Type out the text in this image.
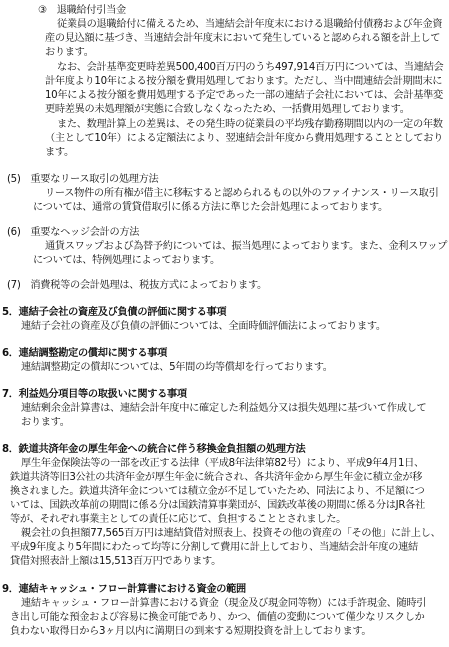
③　退職給付引当金
従業員の退職給付に備えるため、当連結会計年度末における退職給付債務および年金資
産の見込額に基づき、当連結会計年度末において発生していると認められる額を計上して
おります。
なお、会計基準変更時差異500,400百万円のうち497,914百万円については、当連結会
計年度より10年による按分額を費用処理しております。ただし、当中間連結会計期間末に
10年による按分額を費用処理する予定であった一部の連結子会社においては、会計基準変
更時差異の未処理額が実態に合致しなくなったため、一括費用処理しております。
また、数理計算上の差異は、その発生時の従業員の平均残存勤務期間以内の一定の年数
（主として10年）による定額法により、翌連結会計年度から費用処理することとしており
ます。
(5)　重要なリース取引の処理方法
リース物件の所有権が借主に移転すると認められるもの以外のファイナンス・リース取引
については、通常の賃貸借取引に係る方法に準じた会計処理によっております。
(6)　重要なヘッジ会計の方法
通貨スワップおよび為替予約については、振当処理によっております。また、金利スワップ
については、特例処理によっております。
(7)　消費税等の会計処理は、税抜方式によっております。
5．連結子会社の資産及び負債の評価に関する事項
連結子会社の資産及び負債の評価については、全面時価評価法によっております。
6．連結調整勘定の償却に関する事項
連結調整勘定の償却については、5年間の均等償却を行っております。
7．利益処分項目等の取扱いに関する事項
連結剰余金計算書は、連結会計年度中に確定した利益処分又は損失処理に基づいて作成して
おります。
8．鉄道共済年金の厚生年金への統合に伴う移換金負担額の処理方法
厚生年金保険法等の一部を改正する法律（平成8年法律第82号）により、平成9年4月1日、
鉄道共済等旧3公社の共済年金が厚生年金に統合され、各共済年金から厚生年金に積立金が移
換されました。鉄道共済年金については積立金が不足していたため、同法により、不足額につ
いては、国鉄改革前の期間に係る分は国鉄清算事業団が、国鉄改革後の期間に係る分はJR各社
等が、それぞれ事業主としての責任に応じて、負担することとされました。
親会社の負担額77,565百万円は連結貸借対照表上、投資その他の資産の「その他」に計上し、
平成9年度より5年間にわたって均等に分割して費用に計上しており、当連結会計年度の連結
貸借対照表計上額は15,513百万円であります。
9．連結キャッシュ・フロー計算書における資金の範囲
連結キャッシュ・フロー計算書における資金（現金及び現金同等物）には手許現金、随時引
き出し可能な預金および容易に換金可能であり、かつ、価値の変動について僅少なリスクしか
負わない取得日から3ヶ月以内に満期日の到来する短期投資を計上しております。
